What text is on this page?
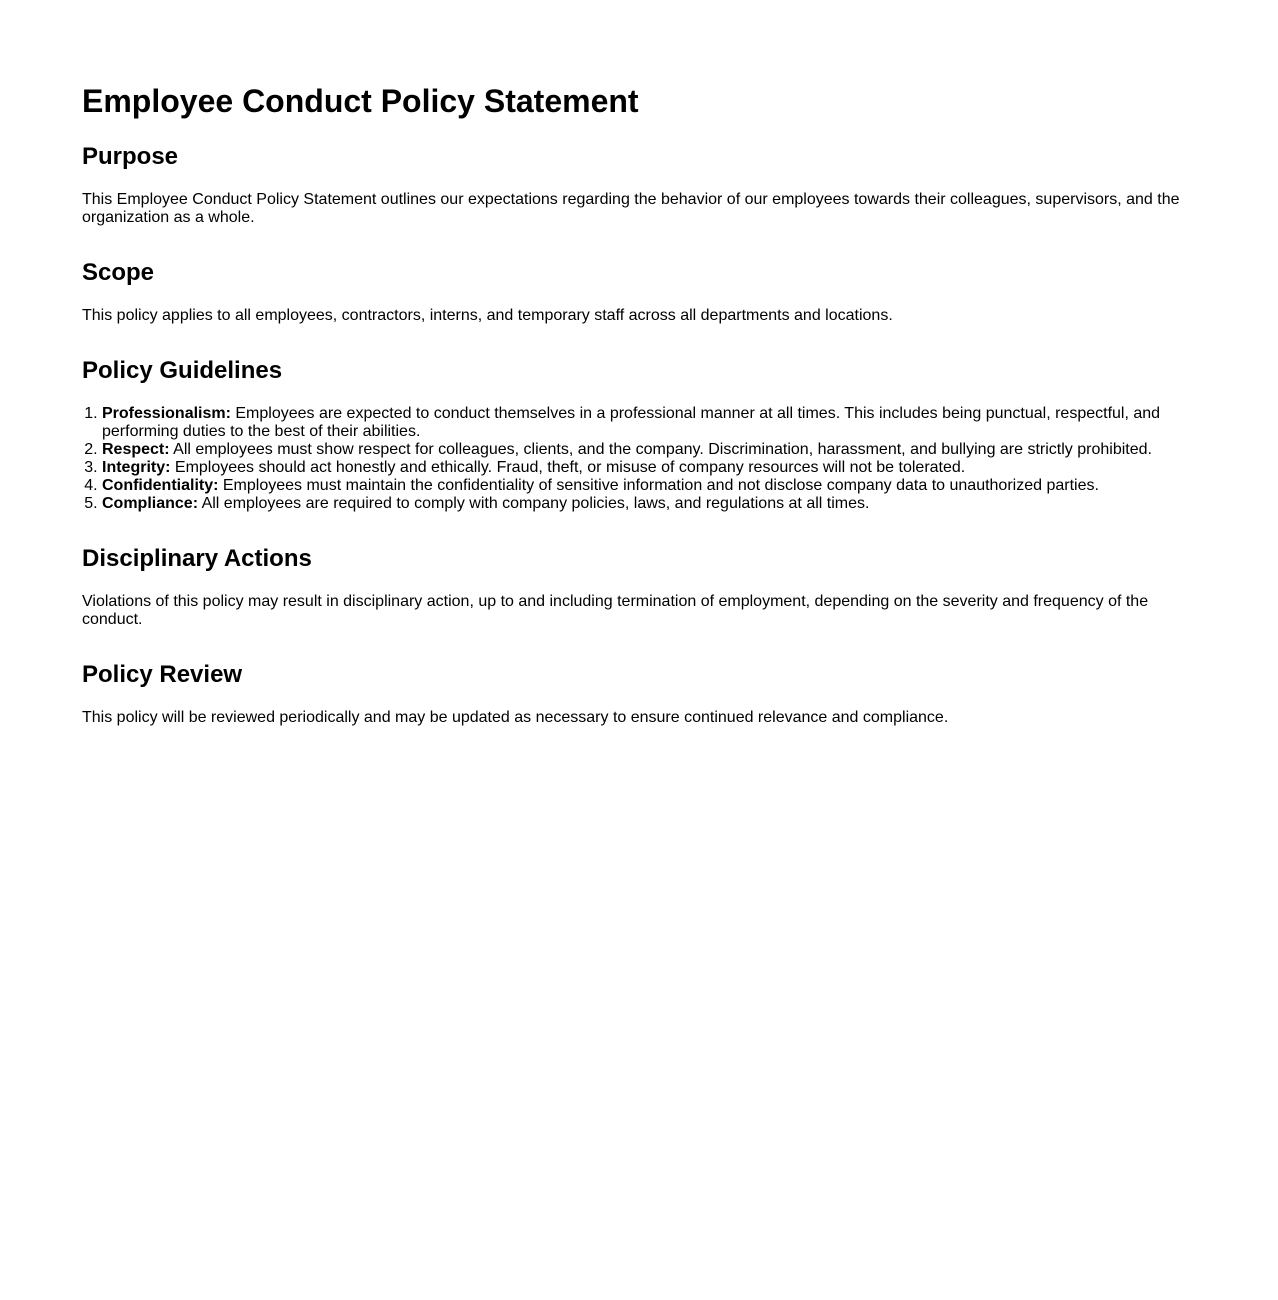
Employee Conduct Policy Statement
Purpose

This Employee Conduct Policy Statement outlines our expectations regarding the behavior of our employees towards their colleagues, supervisors, and the organization as a whole.

Scope

This policy applies to all employees, contractors, interns, and temporary staff across all departments and locations.

Policy Guidelines
1. Professionalism: Employees are expected to conduct themselves in a professional manner at all times. This includes being punctual, respectful, and performing duties to the best of their abilities.
2. Respect: All employees must show respect for colleagues, clients, and the company. Discrimination, harassment, and bullying are strictly prohibited.
3. Integrity: Employees should act honestly and ethically. Fraud, theft, or misuse of company resources will not be tolerated.
4. Confidentiality: Employees must maintain the confidentiality of sensitive information and not disclose company data to unauthorized parties.
5. Compliance: All employees are required to comply with company policies, laws, and regulations at all times.
Disciplinary Actions

Violations of this policy may result in disciplinary action, up to and including termination of employment, depending on the severity and frequency of the conduct.

Policy Review

This policy will be reviewed periodically and may be updated as necessary to ensure continued relevance and compliance.
